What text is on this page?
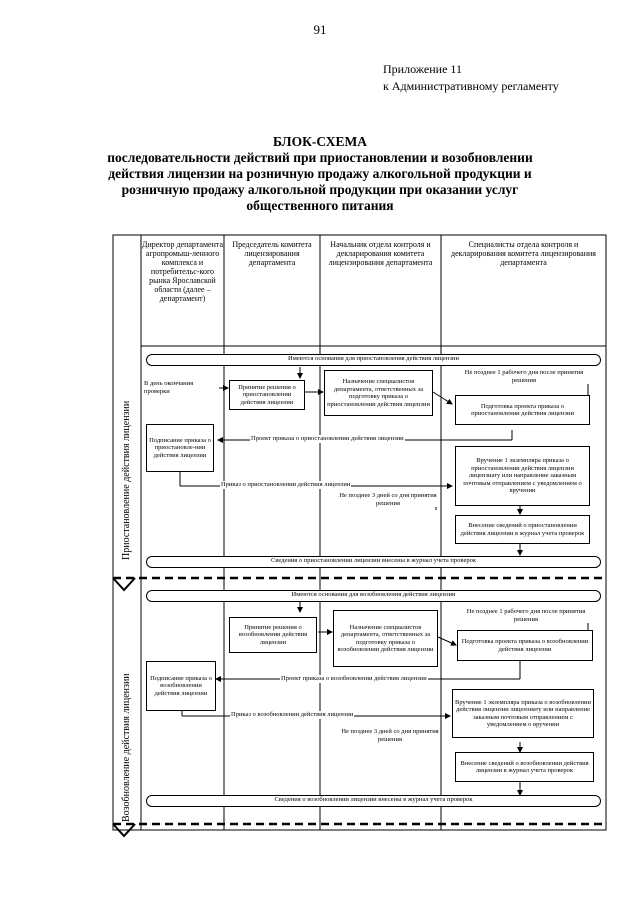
91
Приложение 11
к Административному регламенту
БЛОК-СХЕМА
последовательности действий при приостановлении и возобновлении
действия лицензии на розничную продажу алкогольной продукции и
розничную продажу алкогольной продукции при оказании услуг
общественного питания
Директор департамента агропромыш-ленного комплекса и потребительс-кого рынка Ярославской области (далее – департамент)
Председатель комитета лицензирования департамента
Начальник отдела контроля и декларирования комитета лицензирования департамента
Специалисты отдела контроля и декларирования комитета лицензирования департамента
Приостановление действия лицензии
Возобновление действия лицензии
Имеются основания для приостановления действия лицензии
В день окончания проверки
Принятие решения о приостановлении действия лицензии
Назначение специалистов департамента, ответственных за подготовку приказа о приостановлении действия лицензии
Не позднее 1 рабочего дня после принятия решения
Подготовка проекта приказа о приостановлении действия лицензии
Проект приказа о приостановлении действия лицензии
Подписание приказа о приостановле-нии действия лицензии
Приказ о приостановлении действия лицензии
Не позднее 3 дней со дня принятия решения
Вручение 1 экземпляра приказа о приостановлении действия лицензии лицензиату или направление заказным почтовым отправлением с уведомлением о вручении
Внесение сведений о приостановлении действия лицензии в журнал учета проверок
Сведения о приостановлении лицензии внесены в журнал учета проверок
Имеются основания для возобновления действия лицензии
Принятие решения о возобновлении действия лицензии
Назначение специалистов департамента, ответственных за подготовку приказа о возобновлении действия лицензии
Не позднее 1 рабочего дня после принятия решения
Подготовка проекта приказа о возобновлении действия лицензии
Проект приказа о возобновлении действия лицензии
Подписание приказа о возобновлении действия лицензии
Приказ о возобновлении действия лицензии
Не позднее 3 дней со дня принятия решения
Вручение 1 экземпляра приказа о возобновлении действия лицензии лицензиату или направление заказным почтовым отправлением с уведомлением о вручении
Внесение сведений о возобновлении действия лицензии в журнал учета проверок
Сведения о возобновлении лицензии внесены в журнал учета проверок
